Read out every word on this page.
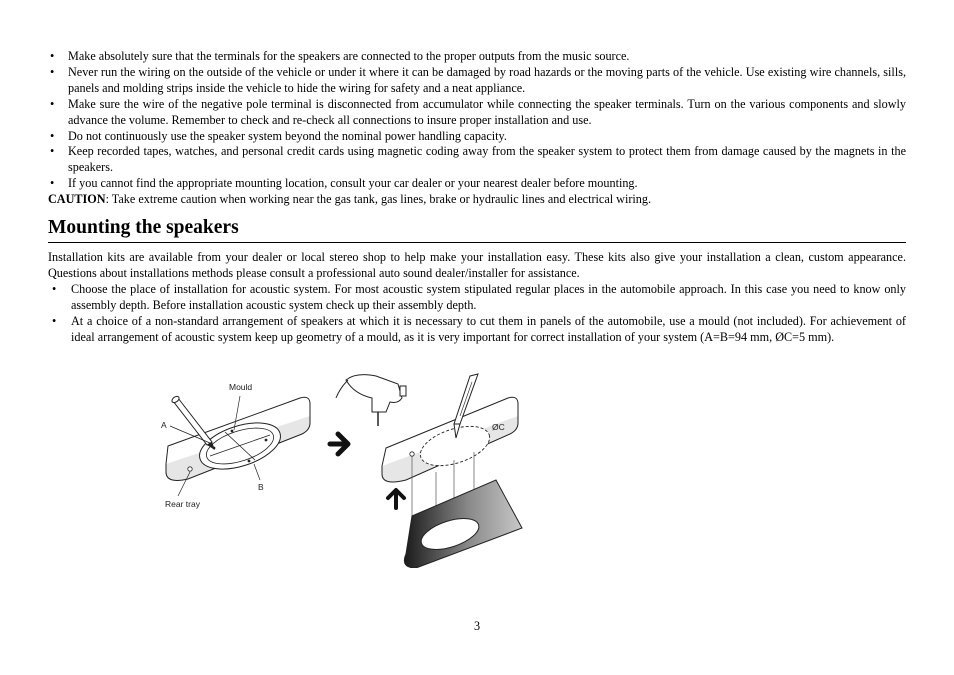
• Make absolutely sure that the terminals for the speakers are connected to the proper outputs from the music source.
• Never run the wiring on the outside of the vehicle or under it where it can be damaged by road hazards or the moving parts of the vehicle. Use existing wire channels, sills, panels and molding strips inside the vehicle to hide the wiring for safety and a neat appliance.
• Make sure the wire of the negative pole terminal is disconnected from accumulator while connecting the speaker terminals. Turn on the various components and slowly advance the volume. Remember to check and re-check all connections to insure proper installation and use.
• Do not continuously use the speaker system beyond the nominal power handling capacity.
• Keep recorded tapes, watches, and personal credit cards using magnetic coding away from the speaker system to protect them from damage caused by the magnets in the speakers.
• If you cannot find the appropriate mounting location, consult your car dealer or your nearest dealer before mounting.

CAUTION: Take extreme caution when working near the gas tank, gas lines, brake or hydraulic lines and electrical wiring.

Mounting the speakers

Installation kits are available from your dealer or local stereo shop to help make your installation easy. These kits also give your installation a clean, custom appearance. Questions about installations methods please consult a professional auto sound dealer/installer for assistance.

• Choose the place of installation for acoustic system. For most acoustic system stipulated regular places in the automobile approach. In this case you need to know only assembly depth. Before installation acoustic system check up their assembly depth.
• At a choice of a non-standard arrangement of speakers at which it is necessary to cut them in panels of the automobile, use a mould (not included). For achievement of ideal arrangement of acoustic system keep up geometry of a mould, as it is very important for correct installation of your system (A=B=94 mm, ØC=5 mm).
Mould
A
B
Rear tray
ØC
3
